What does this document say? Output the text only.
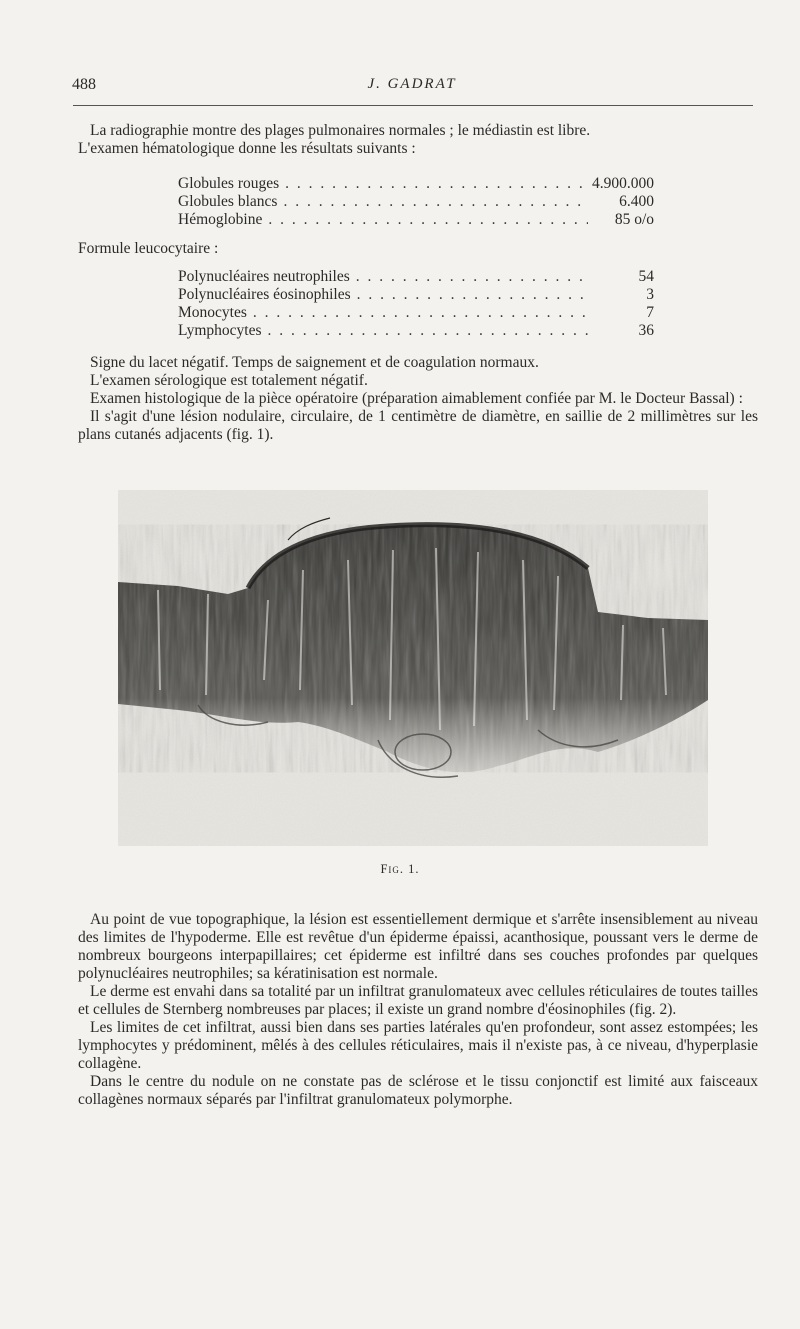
488	J. GADRAT

La radiographie montre des plages pulmonaires normales ; le médiastin est libre.

L'examen hématologique donne les résultats suivants :

Globules rouges . . .	4.900.000
Globules blancs . . .	6.400
Hémoglobine . . .	85 o/o
Formule leucocytaire :
Polynucléaires neutrophiles . . .	54
Polynucléaires éosinophiles . . .	3
Monocytes . . .	7
Lymphocytes . . .	36

Signe du lacet négatif. Temps de saignement et de coagulation normaux.

L'examen sérologique est totalement négatif.

Examen histologique de la pièce opératoire (préparation aimablement confiée par M. le Docteur Bassal) :

Il s'agit d'une lésion nodulaire, circulaire, de 1 centimètre de diamètre, en saillie de 2 millimètres sur les plans cutanés adjacents (fig. 1).

Fig. 1.

Au point de vue topographique, la lésion est essentiellement dermique et s'arrête insensiblement au niveau des limites de l'hypoderme. Elle est revêtue d'un épiderme épaissi, acanthosique, poussant vers le derme de nombreux bourgeons interpapillaires; cet épiderme est infiltré dans ses couches profondes par quelques polynucléaires neutrophiles; sa kératinisation est normale.

Le derme est envahi dans sa totalité par un infiltrat granulomateux avec cellules réticulaires de toutes tailles et cellules de Sternberg nombreuses par places; il existe un grand nombre d'éosinophiles (fig. 2).

Les limites de cet infiltrat, aussi bien dans ses parties latérales qu'en profondeur, sont assez estompées; les lymphocytes y prédominent, mêlés à des cellules réticulaires, mais il n'existe pas, à ce niveau, d'hyperplasie collagène.

Dans le centre du nodule on ne constate pas de sclérose et le tissu conjonctif est limité aux faisceaux collagènes normaux séparés par l'infiltrat granulomateux polymorphe.
